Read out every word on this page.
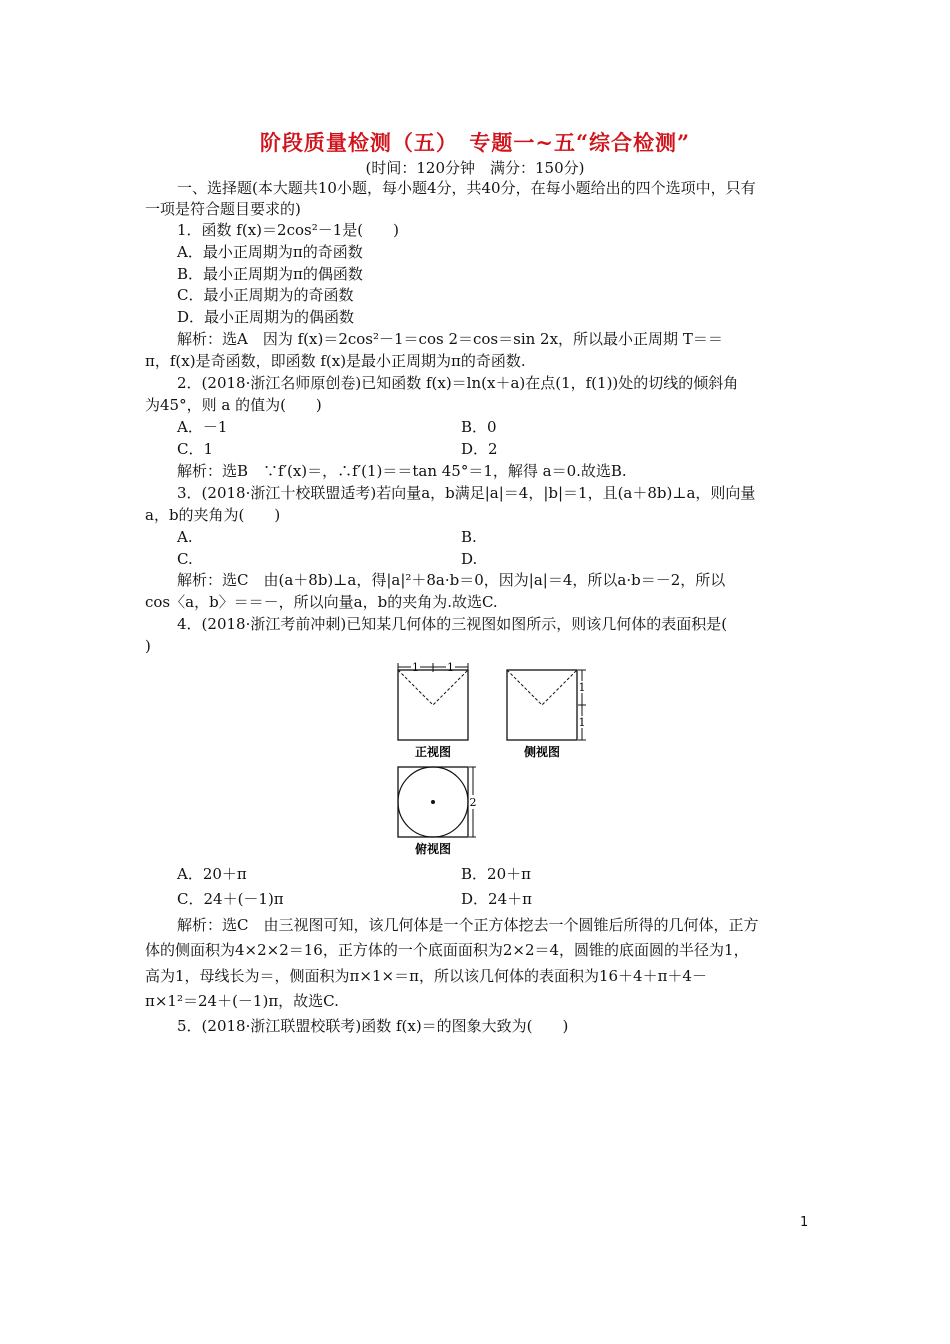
阶段质量检测（五）　专题一~五“综合检测”
(时间：120分钟　满分：150分)
一、选择题(本大题共10小题，每小题4分，共40分，在每小题给出的四个选项中，只有
一项是符合题目要求的)
1．函数 f(x)＝2cos²－1是(　　)
A．最小正周期为π的奇函数
B．最小正周期为π的偶函数
C．最小正周期为的奇函数
D．最小正周期为的偶函数
解析：选A　因为 f(x)＝2cos²－1＝cos 2＝cos＝sin 2x，所以最小正周期 T＝＝
π，f(x)是奇函数，即函数 f(x)是最小正周期为π的奇函数.
2．(2018·浙江名师原创卷)已知函数 f(x)＝ln(x＋a)在点(1，f(1))处的切线的倾斜角
为45°，则 a 的值为(　　)
A．－1	B．0
C．1	D．2
解析：选B　∵f′(x)＝，∴f′(1)＝＝tan 45°＝1，解得 a＝0.故选B.
3．(2018·浙江十校联盟适考)若向量a，b满足|a|＝4，|b|＝1，且(a＋8b)⊥a，则向量
a，b的夹角为(　　)
A.	B.
C.	D.
解析：选C　由(a＋8b)⊥a，得|a|²＋8a·b＝0，因为|a|＝4，所以a·b＝－2，所以
cos〈a，b〉＝＝－，所以向量a，b的夹角为.故选C.
4．(2018·浙江考前冲刺)已知某几何体的三视图如图所示，则该几何体的表面积是(
)
A．20＋π	B．20＋π
C．24＋(－1)π	D．24＋π
解析：选C　由三视图可知，该几何体是一个正方体挖去一个圆锥后所得的几何体，正方
体的侧面积为4×2×2＝16，正方体的一个底面面积为2×2＝4，圆锥的底面圆的半径为1，
高为1，母线长为＝，侧面积为π×1×＝π，所以该几何体的表面积为16＋4＋π＋4－
π×1²＝24＋(－1)π，故选C.
5．(2018·浙江联盟校联考)函数 f(x)＝的图象大致为(　　)
1	1
正视图
1
1
侧视图
2
俯视图
1
